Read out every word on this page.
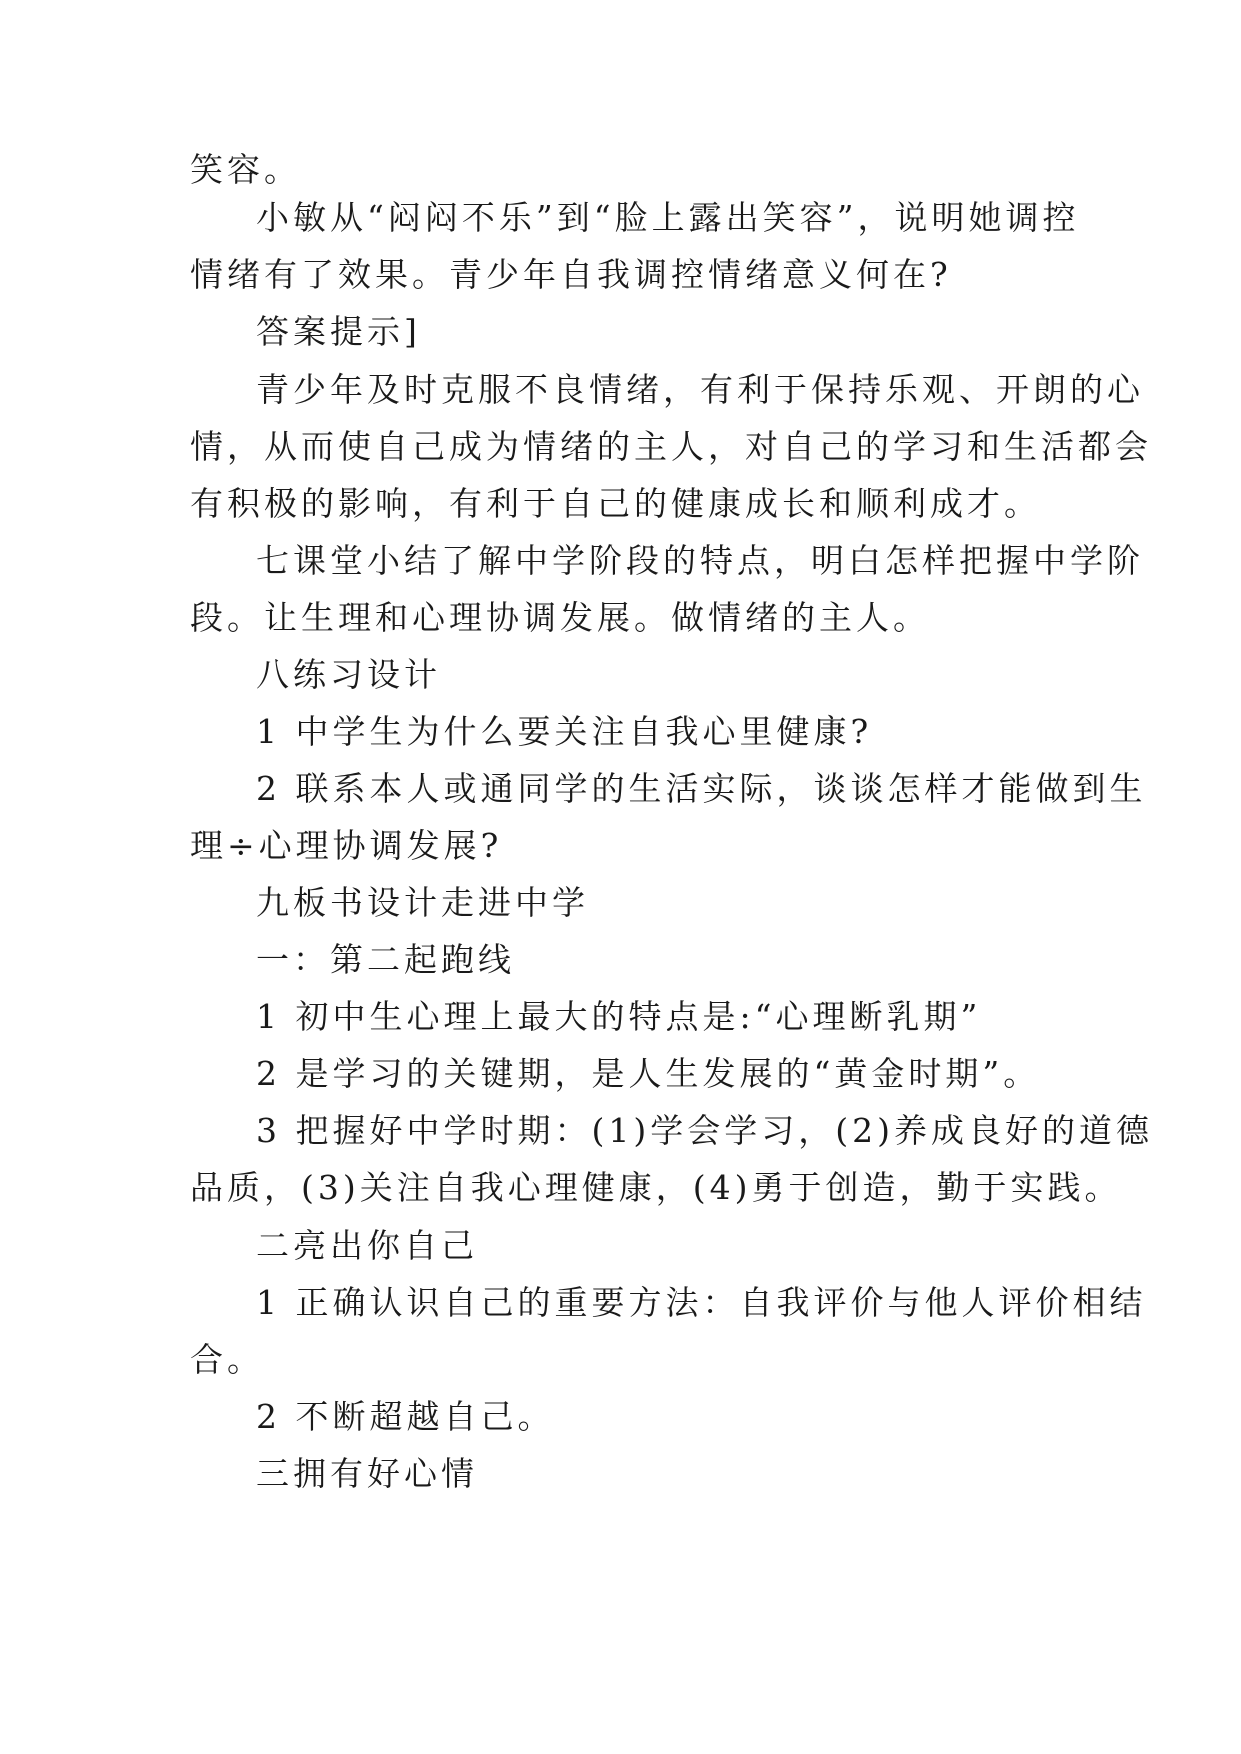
笑容。
小敏从“闷闷不乐”到“脸上露出笑容”，说明她调控
情绪有了效果。青少年自我调控情绪意义何在?
答案提示]
青少年及时克服不良情绪，有利于保持乐观、开朗的心
情，从而使自己成为情绪的主人，对自己的学习和生活都会
有积极的影响，有利于自己的健康成长和顺利成才。
七课堂小结了解中学阶段的特点，明白怎样把握中学阶
段。让生理和心理协调发展。做情绪的主人。
八练习设计
1 中学生为什么要关注自我心里健康?
2 联系本人或通同学的生活实际，谈谈怎样才能做到生
理÷心理协调发展?
九板书设计走进中学
一：第二起跑线
1 初中生心理上最大的特点是:“心理断乳期”
2 是学习的关键期，是人生发展的“黄金时期”。
3 把握好中学时期：(1)学会学习，(2)养成良好的道德
品质，(3)关注自我心理健康，(4)勇于创造，勤于实践。
二亮出你自己
1 正确认识自己的重要方法：自我评价与他人评价相结
合。
2 不断超越自己。
三拥有好心情
